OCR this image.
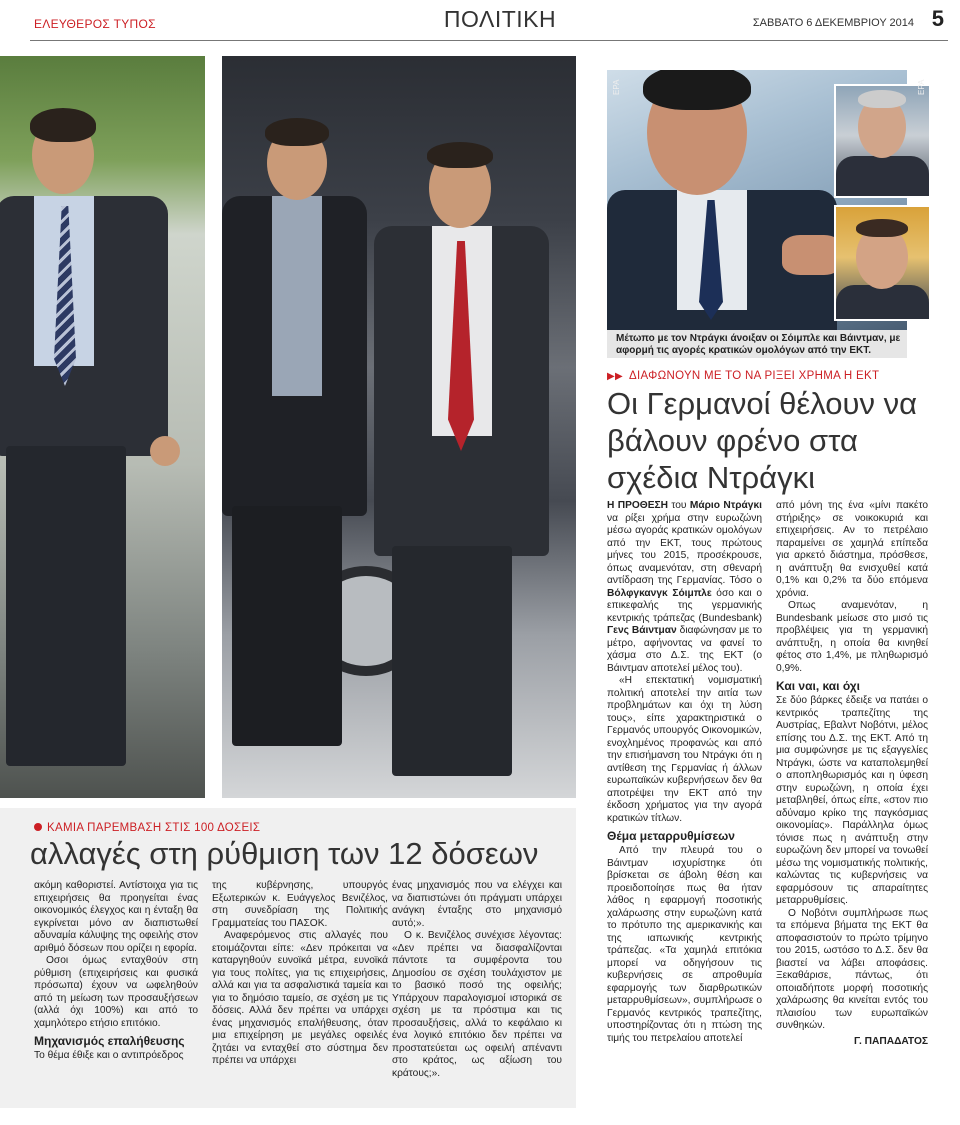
ΕΛΕΥΘΕΡΟΣ ΤΥΠΟΣ	ΠΟΛΙΤΙΚΗ	ΣΑΒΒΑΤΟ 6 ΔΕΚΕΜΒΡΙΟΥ 2014 5
ΕΡΑ	ΕΡΑ
Μέτωπο με τον Ντράγκι άνοιξαν οι Σόιμπλε και Βάιντμαν, με αφορμή τις αγορές κρατικών ομολόγων από την ΕΚΤ.
▶▶ ΔΙΑΦΩΝΟΥΝ ΜΕ ΤΟ ΝΑ ΡΙΞΕΙ ΧΡΗΜΑ Η ΕΚΤ
Οι Γερμανοί θέλουν να βάλουν φρένο στα σχέδια Ντράγκι

Η ΠΡΟΘΕΣΗ του Μάριο Ντράγκι να ρίξει χρήμα στην ευρωζώνη μέσω αγοράς κρατικών ομολόγων από την ΕΚΤ, τους πρώτους μήνες του 2015, προσέκρουσε, όπως αναμενόταν, στη σθεναρή αντίδραση της Γερμανίας. Τόσο ο Βόλφγκανγκ Σόιμπλε όσο και ο επικεφαλής της γερμανικής κεντρικής τράπεζας (Bundesbank) Γενς Βάιντμαν διαφώνησαν με το μέτρο, αφήνοντας να φανεί το χάσμα στο Δ.Σ. της ΕΚΤ (ο Βάιντμαν αποτελεί μέλος του).

«Η επεκτατική νομισματική πολιτική αποτελεί την αιτία των προβλημάτων και όχι τη λύση τους», είπε χαρακτηριστικά ο Γερμανός υπουργός Οικονομικών, ενοχλημένος προφανώς και από την επισήμανση του Ντράγκι ότι η αντίθεση της Γερμανίας ή άλλων ευρωπαϊκών κυβερνήσεων δεν θα αποτρέψει την ΕΚΤ από την έκδοση χρήματος για την αγορά κρατικών τίτλων.

Θέμα μεταρρυθμίσεων

Από την πλευρά του ο Βάιντμαν ισχυρίστηκε ότι βρίσκεται σε άβολη θέση και προειδοποίησε πως θα ήταν λάθος η εφαρμογή ποσοτικής χαλάρωσης στην ευρωζώνη κατά το πρότυπο της αμερικανικής και της ιαπωνικής κεντρικής τράπεζας. «Τα χαμηλά επιτόκια μπορεί να οδηγήσουν τις κυβερνήσεις σε απροθυμία εφαρμογής των διαρθρωτικών μεταρρυθμίσεων», συμπλήρωσε ο Γερμανός κεντρικός τραπεζίτης, υποστηρίζοντας ότι η πτώση της τιμής του πετρελαίου αποτελεί

από μόνη της ένα «μίνι πακέτο στήριξης» σε νοικοκυριά και επιχειρήσεις. Αν το πετρέλαιο παραμείνει σε χαμηλά επίπεδα για αρκετό διάστημα, πρόσθεσε, η ανάπτυξη θα ενισχυθεί κατά 0,1% και 0,2% τα δύο επόμενα χρόνια.

Οπως αναμενόταν, η Bundesbank μείωσε στο μισό τις προβλέψεις για τη γερμανική ανάπτυξη, η οποία θα κινηθεί φέτος στο 1,4%, με πληθωρισμό 0,9%.

Και ναι, και όχι

Σε δύο βάρκες έδειξε να πατάει ο κεντρικός τραπεζίτης της Αυστρίας, Εβαλντ Νοβότνι, μέλος επίσης του Δ.Σ. της ΕΚΤ. Από τη μια συμφώνησε με τις εξαγγελίες Ντράγκι, ώστε να καταπολεμηθεί ο αποπληθωρισμός και η ύφεση στην ευρωζώνη, η οποία έχει μεταβληθεί, όπως είπε, «στον πιο αδύναμο κρίκο της παγκόσμιας οικονομίας». Παράλληλα όμως τόνισε πως η ανάπτυξη στην ευρωζώνη δεν μπορεί να τονωθεί μέσω της νομισματικής πολιτικής, καλώντας τις κυβερνήσεις να εφαρμόσουν τις απαραίτητες μεταρρυθμίσεις.

Ο Νοβότνι συμπλήρωσε πως τα επόμενα βήματα της ΕΚΤ θα αποφασιστούν το πρώτο τρίμηνο του 2015, ωστόσο το Δ.Σ. δεν θα βιαστεί να λάβει αποφάσεις. Ξεκαθάρισε, πάντως, ότι οποιαδήποτε μορφή ποσοτικής χαλάρωσης θα κινείται εντός του πλαισίου των ευρωπαϊκών συνθηκών.

Γ. ΠΑΠΑΔΑΤΟΣ
ΚΑΜΙΑ ΠΑΡΕΜΒΑΣΗ ΣΤΙΣ 100 ΔΟΣΕΙΣ
αλλαγές στη ρύθμιση των 12 δόσεων

ακόμη καθοριστεί. Αντίστοιχα για τις επιχειρήσεις θα προηγείται ένας οικονομικός έλεγχος και η ένταξη θα εγκρίνεται μόνο αν διαπιστωθεί αδυναμία κάλυψης της οφειλής στον αριθμό δόσεων που ορίζει η εφορία.

Οσοι όμως ενταχθούν στη ρύθμιση (επιχειρήσεις και φυσικά πρόσωπα) έχουν να ωφεληθούν από τη μείωση των προσαυξήσεων (αλλά όχι 100%) και από το χαμηλότερο ετήσιο επιτόκιο.

Μηχανισμός επαλήθευσης

Το θέμα έθιξε και ο αντιπρόεδρος

της κυβέρνησης, υπουργός Εξωτερικών κ. Ευάγγελος Βενιζέλος, στη συνεδρίαση της Πολιτικής Γραμματείας του ΠΑΣΟΚ.

Αναφερόμενος στις αλλαγές που ετοιμάζονται είπε: «Δεν πρόκειται να καταργηθούν ευνοϊκά μέτρα, ευνοϊκά για τους πολίτες, για τις επιχειρήσεις, αλλά και για τα ασφαλιστικά ταμεία και για το δημόσιο ταμείο, σε σχέση με τις δόσεις. Αλλά δεν πρέπει να υπάρχει ένας μηχανισμός επαλήθευσης, όταν μια επιχείρηση με μεγάλες οφειλές ζητάει να ενταχθεί στο σύστημα δεν πρέπει να υπάρχει

ένας μηχανισμός που να ελέγχει και να διαπιστώνει ότι πράγματι υπάρχει ανάγκη ένταξης στο μηχανισμό αυτό;».

Ο κ. Βενιζέλος συνέχισε λέγοντας: «Δεν πρέπει να διασφαλίζονται πάντοτε τα συμφέροντα του Δημοσίου σε σχέση τουλάχιστον με το βασικό ποσό της οφειλής; Υπάρχουν παραλογισμοί ιστορικά σε σχέση με τα πρόστιμα και τις προσαυξήσεις, αλλά το κεφάλαιο κι ένα λογικό επιτόκιο δεν πρέπει να προστατεύεται ως οφειλή απέναντι στο κράτος, ως αξίωση του κράτους;».
